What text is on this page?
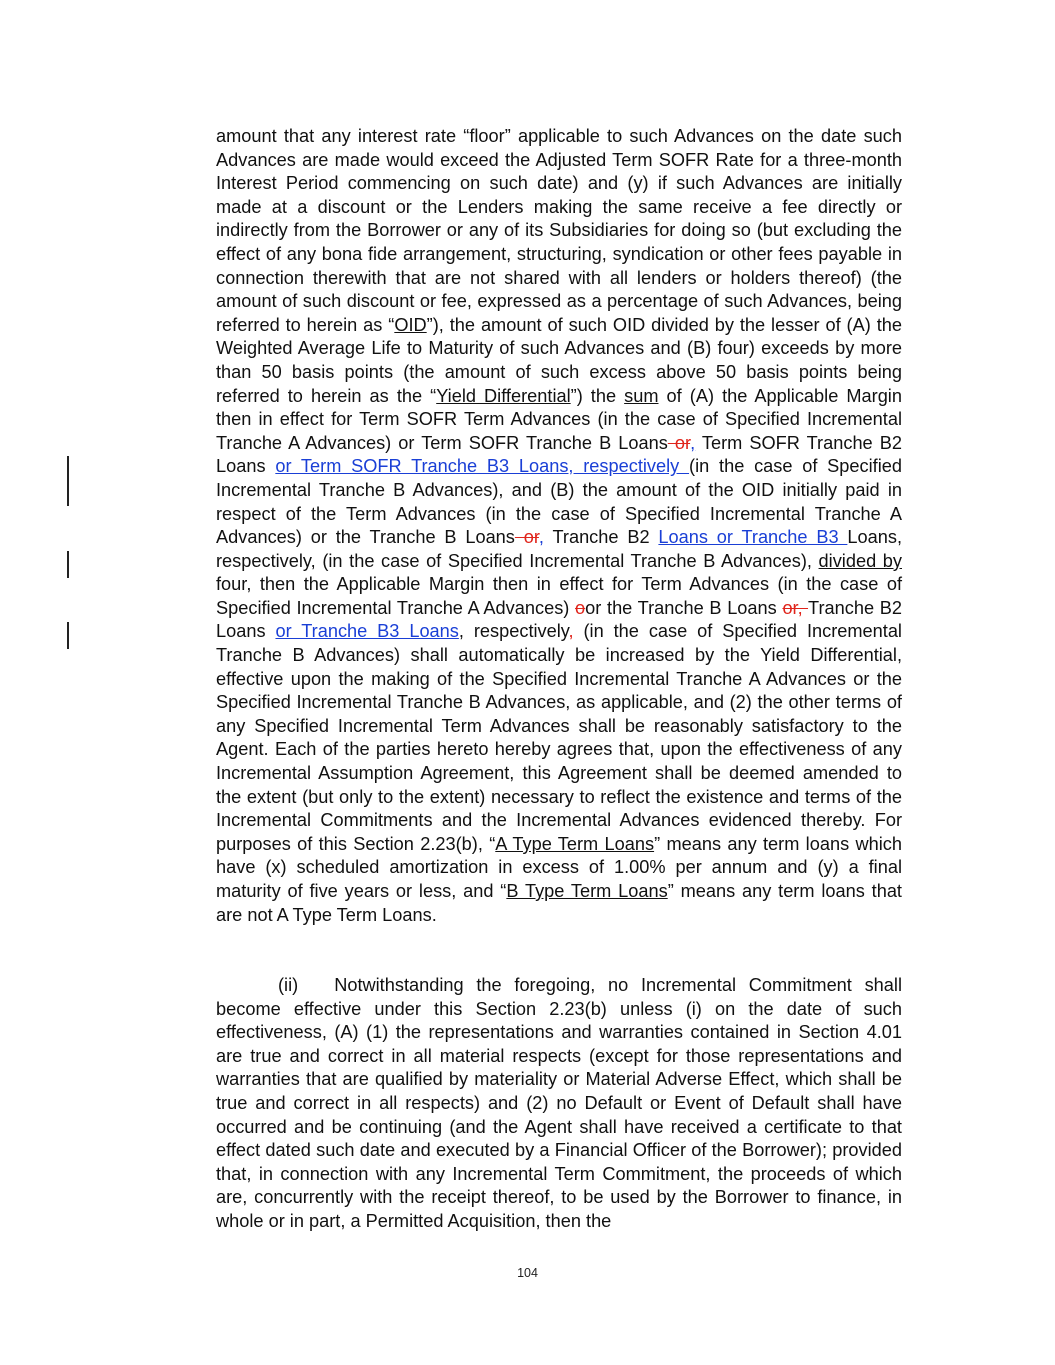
amount that any interest rate “floor” applicable to such Advances on the date such Advances are made would exceed the Adjusted Term SOFR Rate for a three-month Interest Period commencing on such date) and (y) if such Advances are initially made at a discount or the Lenders making the same receive a fee directly or indirectly from the Borrower or any of its Subsidiaries for doing so (but excluding the effect of any bona fide arrangement, structuring, syndication or other fees payable in connection therewith that are not shared with all lenders or holders thereof) (the amount of such discount or fee, expressed as a percentage of such Advances, being referred to herein as “OID”), the amount of such OID divided by the lesser of (A) the Weighted Average Life to Maturity of such Advances and (B) four) exceeds by more than 50 basis points (the amount of such excess above 50 basis points being referred to herein as the “Yield Differential”) the sum of (A) the Applicable Margin then in effect for Term SOFR Term Advances (in the case of Specified Incremental Tranche A Advances) or Term SOFR Tranche B Loans or, Term SOFR Tranche B2 Loans or Term SOFR Tranche B3 Loans, respectively (in the case of Specified Incremental Tranche B Advances), and (B) the amount of the OID initially paid in respect of the Term Advances (in the case of Specified Incremental Tranche A Advances) or the Tranche B Loans or, Tranche B2 Loans or Tranche B3 Loans, respectively, (in the case of Specified Incremental Tranche B Advances), divided by four, then the Applicable Margin then in effect for Term Advances (in the case of Specified Incremental Tranche A Advances) oor the Tranche B Loans or, Tranche B2 Loans or Tranche B3 Loans, respectively, (in the case of Specified Incremental Tranche B Advances) shall automatically be increased by the Yield Differential, effective upon the making of the Specified Incremental Tranche A Advances or the Specified Incremental Tranche B Advances, as applicable, and (2) the other terms of any Specified Incremental Term Advances shall be reasonably satisfactory to the Agent. Each of the parties hereto hereby agrees that, upon the effectiveness of any Incremental Assumption Agreement, this Agreement shall be deemed amended to the extent (but only to the extent) necessary to reflect the existence and terms of the Incremental Commitments and the Incremental Advances evidenced thereby. For purposes of this Section 2.23(b), “A Type Term Loans” means any term loans which have (x) scheduled amortization in excess of 1.00% per annum and (y) a final maturity of five years or less, and “B Type Term Loans” means any term loans that are not A Type Term Loans.
(ii) Notwithstanding the foregoing, no Incremental Commitment shall become effective under this Section 2.23(b) unless (i) on the date of such effectiveness, (A) (1) the representations and warranties contained in Section 4.01 are true and correct in all material respects (except for those representations and warranties that are qualified by materiality or Material Adverse Effect, which shall be true and correct in all respects) and (2) no Default or Event of Default shall have occurred and be continuing (and the Agent shall have received a certificate to that effect dated such date and executed by a Financial Officer of the Borrower); provided that, in connection with any Incremental Term Commitment, the proceeds of which are, concurrently with the receipt thereof, to be used by the Borrower to finance, in whole or in part, a Permitted Acquisition, then the
104
